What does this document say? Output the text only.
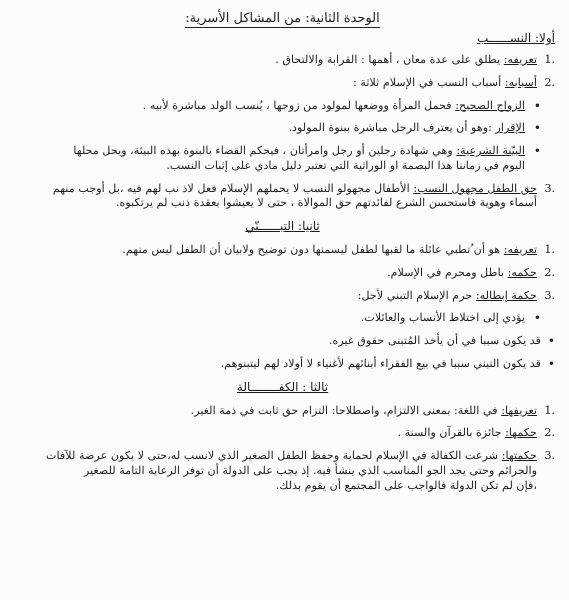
الوحدة الثانية: من المشاكل الأسرية:
أولا: النســــــب
.1
تعريفه: يطلق على عدة معان ، أهمها : القرابة والالتحاق .
.2
أسبابه: أسباب النسب في الإسلام ثلاثة :
• الزواج الصحيح: فحمل المرأة ووضعها لمولود من زوجها ، يُنسب الولد مباشرة لأبيه .
• الإقرار :وهو أن يعترف الرجل مباشرة ببنوة المولود.
• البيّنة الشرعية: وهي شهادة رجلين أو رجل وامرأتان ، فيحكم القضاء بالبنوة بهذه البيئة، ويحل محلها
اليوم في زماننا هذا البصمة او الوراثية التي تعتبر دليل مادي على إثبات النسب.
.3
حق الطفل مجهول النسب: الأطفال مجهولو النسب لا يحملهم الإسلام فعل لاذ نب لهم فيه ،بل أوجب منهم
أسماء وهوية فاستحسن الشرع لفائدتهم حق الموالاة ، حتى لا يعيشوا بعقدة ذنب لم يرتكبوه.
ثانيا: التبــــــنّي
.1
تعريفه: هو أن ُتطبي عائلة ما لقبها لطفل ليسمنها دون توضيح ولابيان أن الطفل ليس منهم.
.2
حكمه: باطل ومحرم في الإسلام.
.3
حكمة إبطاله: حرم الإسلام التبني لأجل:
• يؤدي إلى اختلاط الأنساب والعائلات.
• قد يكون سببا في أن يأخذ المُتبنى حقوق غيره.
• قد يكون التبني سببا في بيع الفقراء أبنائهم لأغنياء لا أولاد لهم ليتبنوهم.
ثالثا : الكفــــــــالة
.1
تعريفها: في اللغة: بمعنى الالتزام، واصطلاحا: التزام حق ثابت في ذمة الغير.
.2
حكمها: جائزة بالقرآن والسنة .
.3
حكمتها: شرعت الكفالة في الإسلام لحماية وحفظ الطفل الصغير الذي لانسب له،حتى لا يكون عرضة للآفات
والجرائم وحتى يجد الجو المناسب الذي ينشأ فيه. إذ يجب على الدولة أن توفر الرعاية التامة للصغير
،فإن لم تكن الدولة فالواجب على المجتمع أن يقوم بذلك.
